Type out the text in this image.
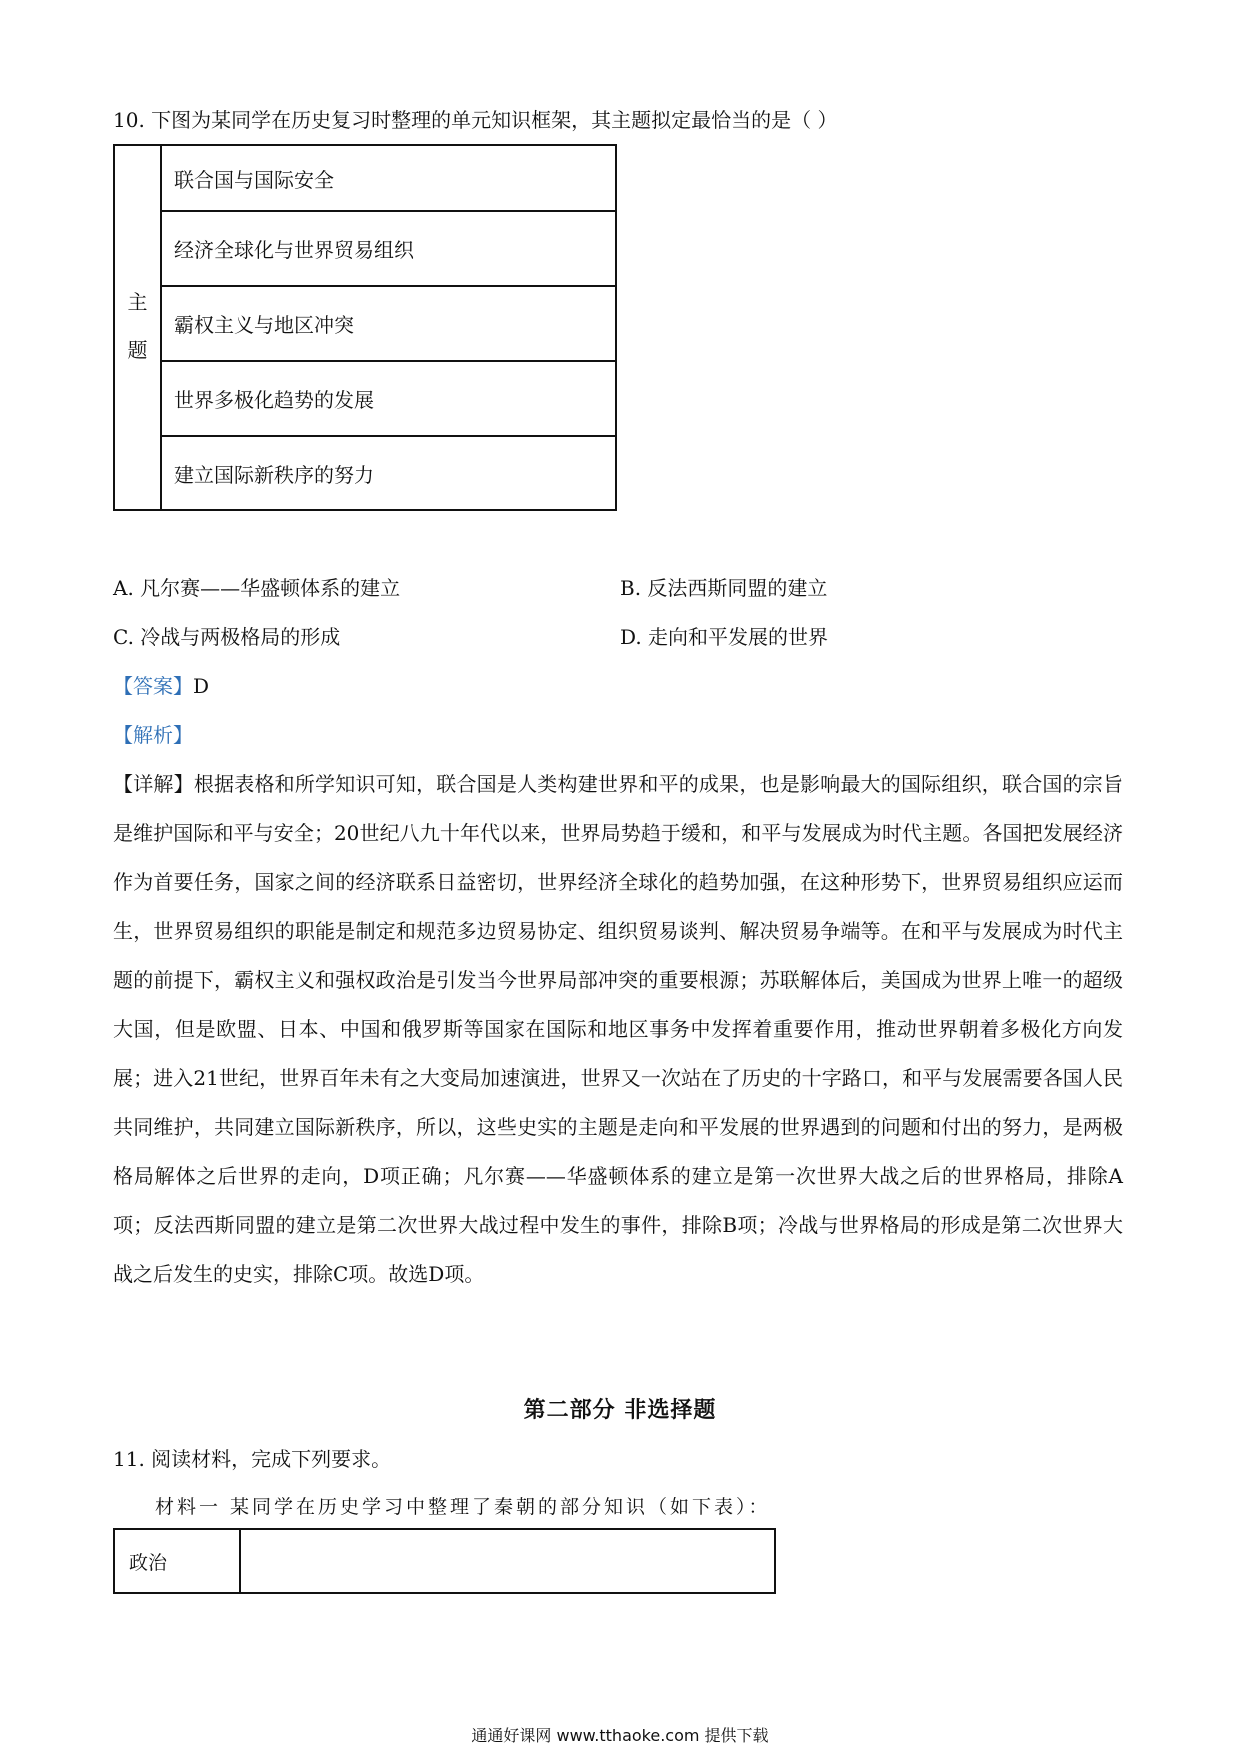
10. 下图为某同学在历史复习时整理的单元知识框架，其主题拟定最恰当的是（ ）
主
题
联合国与国际安全
经济全球化与世界贸易组织
霸权主义与地区冲突
世界多极化趋势的发展
建立国际新秩序的努力
A. 凡尔赛——华盛顿体系的建立	B. 反法西斯同盟的建立
C. 冷战与两极格局的形成	D. 走向和平发展的世界
【答案】D
【解析】
【详解】根据表格和所学知识可知，联合国是人类构建世界和平的成果，也是影响最大的国际组织，联合国的宗旨是维护国际和平与安全；20世纪八九十年代以来，世界局势趋于缓和，和平与发展成为时代主题。各国把发展经济作为首要任务，国家之间的经济联系日益密切，世界经济全球化的趋势加强，在这种形势下，世界贸易组织应运而生，世界贸易组织的职能是制定和规范多边贸易协定、组织贸易谈判、解决贸易争端等。在和平与发展成为时代主题的前提下，霸权主义和强权政治是引发当今世界局部冲突的重要根源；苏联解体后，美国成为世界上唯一的超级大国，但是欧盟、日本、中国和俄罗斯等国家在国际和地区事务中发挥着重要作用，推动世界朝着多极化方向发展；进入21世纪，世界百年未有之大变局加速演进，世界又一次站在了历史的十字路口，和平与发展需要各国人民共同维护，共同建立国际新秩序，所以，这些史实的主题是走向和平发展的世界遇到的问题和付出的努力，是两极格局解体之后世界的走向，D项正确；凡尔赛——华盛顿体系的建立是第一次世界大战之后的世界格局，排除A项；反法西斯同盟的建立是第二次世界大战过程中发生的事件，排除B项；冷战与世界格局的形成是第二次世界大战之后发生的史实，排除C项。故选D项。
第二部分 非选择题
11. 阅读材料，完成下列要求。
材料一 某同学在历史学习中整理了秦朝的部分知识（如下表）：
政治
通通好课网 www.tthaoke.com 提供下载
